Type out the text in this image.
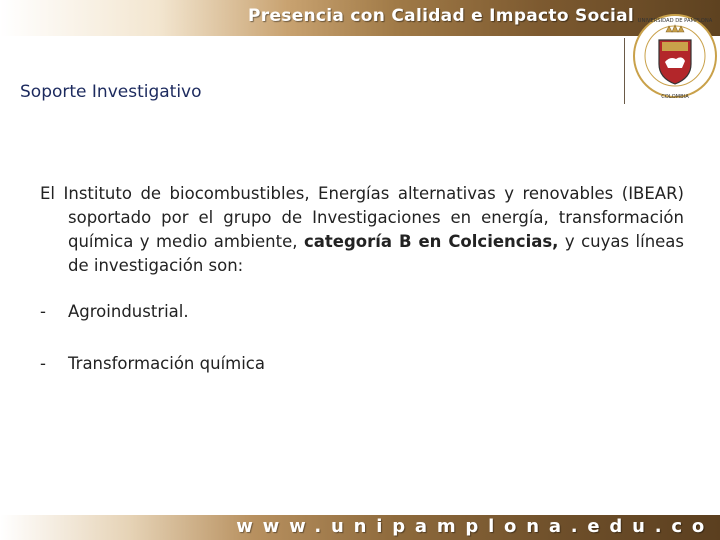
Presencia con Calidad e Impacto Social UNIVERSIDAD DE PAMPLONA
COLOMBIA
Soporte Investigativo

El Instituto de biocombustibles, Energías alternativas y renovables (IBEAR) soportado por el grupo de Investigaciones en energía, transformación química y medio ambiente, categoría B en Colciencias, y cuyas líneas de investigación son:

- Agroindustrial.
- Transformación química
www.unipamplona.edu.co
